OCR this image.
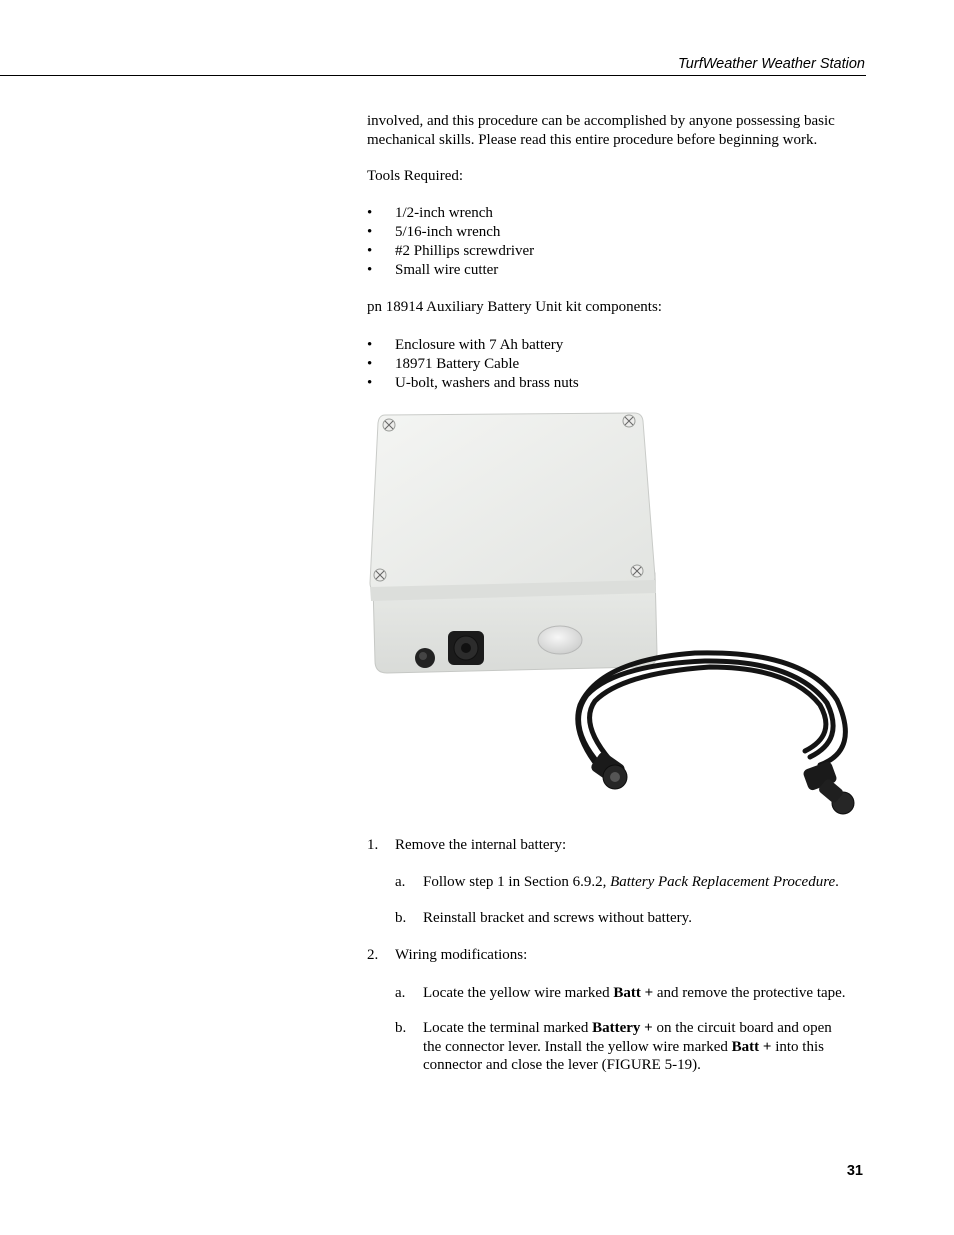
TurfWeather Weather Station
involved, and this procedure can be accomplished by anyone possessing basic
mechanical skills. Please read this entire procedure before beginning work.
Tools Required:
• 1/2-inch wrench
• 5/16-inch wrench
• #2 Phillips screwdriver
• Small wire cutter
pn 18914 Auxiliary Battery Unit kit components:
• Enclosure with 7 Ah battery
• 18971 Battery Cable
• U-bolt, washers and brass nuts
1.	Remove the internal battery:
a.	Follow step 1 in Section 6.9.2, Battery Pack Replacement Procedure.
b.	Reinstall bracket and screws without battery.
2.	Wiring modifications:
a.	Locate the yellow wire marked Batt + and remove the protective tape.
b.	Locate the terminal marked Battery + on the circuit board and open
the connector lever. Install the yellow wire marked Batt + into this
connector and close the lever (FIGURE 5-19).
31
